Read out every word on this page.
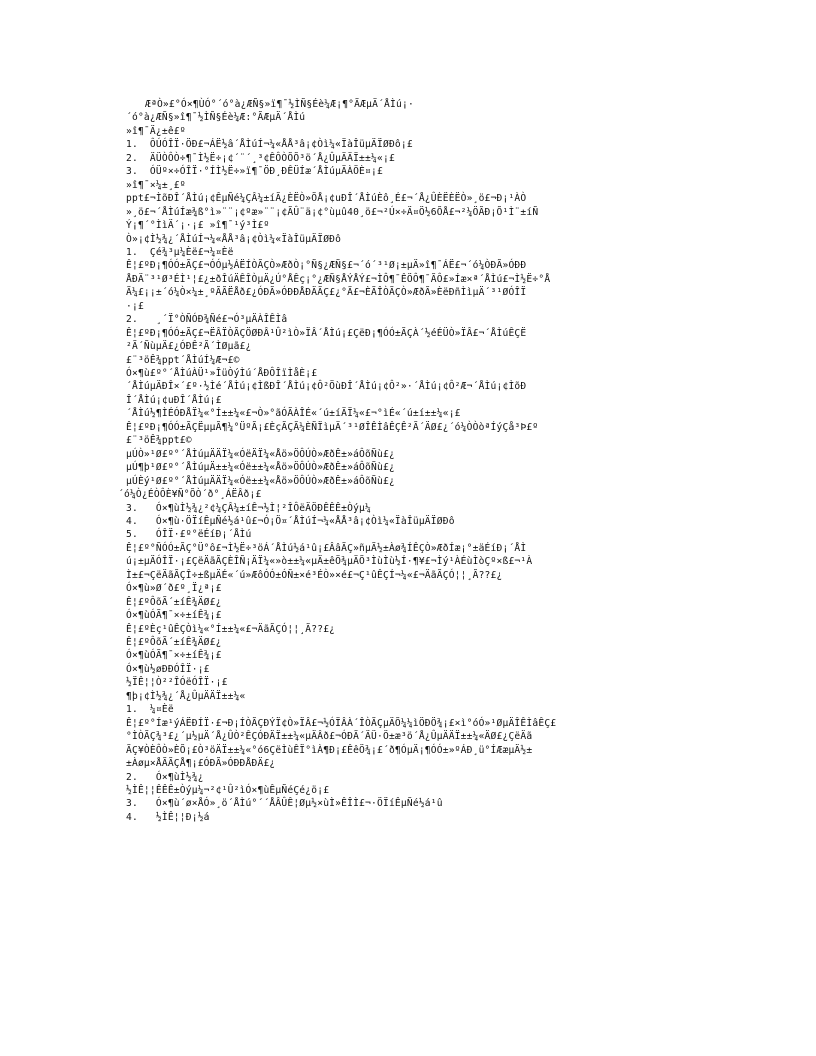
ÆªÒ»£°Ó×¶ÙÓ°´ó°à¿ÆÑ§»ï¶¯½ÌÑ§Éè¼Æ¡¶°ÃÆµÄ´ÅÌú¡·
´ó°à¿ÆÑ§»î¶¯½ÌÑ§Éè¼Æ:°ÃÆµÄ´ÅÌú
»î¶¯Ä¿±ê£º
1.  ÔÚÓÎÏ·ÖÐ£¬ÁË½â´ÅÌúÍ¬¼«ÅÅ³â¡¢Òì¼«ÏàÎüµÄÏØÐô¡£
2.  ÄÜÒÔÒ÷¶¯Ì½Ë÷¡¢´¨´¸³¢ÊÔÒÕÕ³ö´Å¿ÛµÄÄÏ±±¼«¡£
3.  ÓÜº×÷ÓÎÏ·°ÍÌ½Ë÷»ï¶¯ÖÐ¸ÐÊÜÍæ´ÅÌúµÄÀÖÈ¤¡£
»î¶¯×¼±¸£º
ppt£¬ÌõÐÎ´ÅÌú¡¢ÊµÑé¼ÇÂ¼±íÃ¿ÈËÒ»ÕÅ¡¢uÐÎ´ÅÌúÈô¸É£¬´Å¿ÛÈËÈËÒ»¸ö£¬Ð¡¹ÀÒ
»¸ö£¬´ÅÌúÍæ¾ß°ì»¨¨¡¢ºæ»¨¨¡¢ÃÛ¨ä¡¢°ùµû40¸ö£¬²Ú×÷Ä¤Ö½6ÕÅ£¬²¼ÖÃÐ¡Õ¹Ì¨±íÑ
Ý¡¶´°ÌìÄ´¡·¡£ »î¶¯¹ý³Ì£º
Ò»¡¢Ì½¾¿´ÅÌúÍ¬¼«ÅÅ³â¡¢Òì¼«ÏàÎüµÄÏØÐô
1.  Çé¾³µ¼Èë£¬¼¤Èë
Ê¦£ºÐ¡¶ÓÓ±ÃÇ£¬ÓÓµ½ÁËÍÒÃÇÒ»ÆðÒ¡°Ñ§¿ÆÑ§£¬´ó´³¹Ø¡±µÄ»î¶¯ÁË£¬´ó¼ÒÐÃ»ÓÐÐ
ÅÐÄ¨³¹Ø³ÉÌ¹¦£¿±ðÎúÄÊÎÒµÄ¿Ú°ÅÊç¡°¿ÆÑ§ÅÝÅÝ£¬ÌÔ¶¯ÊÖÔ¶¯ÃÔ£»Íæ×ª´ÅÌú£¬Ì½Ë÷°Å
Ã¼£¡¡±´ó¼Ò×¼±¸ºÃÃËÅð£¿ÓÐÃ»ÓÐÐÅÐÄÃÇ£¿°Ã£¬ÈÃÎÒÃÇÒ»ÆðÃ»ÈëÐñÌìµÄ´³¹ØÓÎÏ
·¡£
2.   ¸´Ï°ÒÑÓÐ¾Ñé£¬Ó³µÄÀÎÊÌâ
Ê¦£ºÐ¡¶ÓÓ±ÃÇ£¬ËÂÏÒÃÇÖØÐÂ¹Û²ìÒ»ÏÂ´ÅÌú¡£ÇëÐ¡¶ÓÓ±ÃÇÀ´½éÉÜÒ»ÏÂ£¬´ÅÌúÊÇË
²Ã´ÑùµÄ£¿ÓÐÊ²Ã´ÌØµã£¿
£¨³öÊ¾ppt´ÅÌúÍ¼Æ¬£©
Ó×¶ù£º°´ÅÌúÀÜ¹»ÎüÒýÌú´ÅÐÔÎïÌåÈ¡£
´ÅÌúµÄÐÎ×´£º·½Ìé´ÅÌú¡¢ÌßÐÎ´ÅÌú¡¢Ô²ÖùÐÎ´ÅÌú¡¢Ô²»·´ÅÌú¡¢Ô²Æ¬´ÅÌú¡¢ÌõÐ
Î´ÅÌú¡¢uÐÎ´ÅÌú¡£
´ÅÌú½¶ÌÉÓÐÅÏ¼«°Í±±¼«£¬Ò»°ãÓÃÀÎÉ«´ú±íÄÏ¼«£¬°ìÉ«´ú±í±±¼«¡£
Ê¦£ºÐ¡¶ÓÓ±ÃÇËµµÃ¶¼°ÜºÃ¡£ÈçÃÇÃ¼ÈÑÏìµÄ´³¹ØÎÊÌâÊÇÊ²Ã´ÄØ£¿´ó¼ÒÒòªÍýÇå³Þ£º
£¨³öÊ¾ppt£©
µÚÒ»¹Ø£º°´ÅÌúµÄÄÏ¼«ÓëÄÏ¼«Åö»ÖÔÚÒ»ÆðÊ±»áÔõÑù£¿
µÚ¶þ¹Ø£º°´ÅÌúµÄ±±¼«Óë±±¼«Åö»ÖÔÚÒ»ÆðÊ±»áÔõÑù£¿
µÚÈý¹Ø£º°´ÅÌúµÄÄÏ¼«Óë±±¼«Åö»ÖÔÚÒ»ÆðÊ±»áÔõÑù£¿
´ó¼Ò¿ÉÒÔÈ¥Ñ°ÕÒ´ð°¸ÁËÂð¡£
3.   Ó×¶ùÌ½¾¿²¢¼ÇÂ¼±íÊ¬½Ì¦²ÎÔëÄÖÐÊÊÊ±Òýµ¼
4.   Ó×¶ù·ÖÏíÊµÑé½á¹û£¬Ó¡Ö¤´ÅÌúÍ¬¼«ÅÅ³â¡¢Òì¼«ÏàÎüµÄÏØÐô
5.   ÓÎÏ·£º°ëÉíÐ¡´ÅÌú
Ê¦£º°ÑÓÓ±ÃÇ°Ü°ô£¬Ì½Ë÷³öÁ´ÅÌú½á¹û¡£ÂâÃÇ»ñµÃ½±Àø¾ÍÊÇÒ»ÆðÍæ¡°±äÉíÐ¡´ÅÌ
ú¡±µÄÓÎÏ·¡£ÇëÄãÃÇÈÎÑ¡ÄÏ¼«»ò±±¼«µÄ±êÖ¾µÄÕ³ÌùÌù½Í·¶¥£¬Ìý¹ÀÉùÌòÇº×ß£¬¹À
Ì±£¬ÇëÄãÃÇÎ÷±ßµÄÉ«´ú»ÆôÓÓ±ÓÑ±×é³ÉÒ»×é£¬Ç¹ûÊÇÍ¬¼«£¬ÄãÃÇÓ¦¦¸Ã??£¿
Ó×¶ù»Ø´ð£º¸Ï¿ª¡£
Ê¦£ºÔõÃ´±íÊ¾ÄØ£¿
Ó×¶ùÓÃ¶¯×÷±íÊ¾¡£
Ê¦£ºÈç¹ûÊÇÒì¼«°Í±±¼«£¬ÄãÃÇÓ¦¦¸Ã??£¿
Ê¦£ºÔõÃ´±íÊ¾ÄØ£¿
Ó×¶ùÓÃ¶¯×÷±íÊ¾¡£
Ó×¶ù½øÐÐÓÎÏ·¡£
½ÏÊ¦¦Ò²²ÎÓëÓÎÏ·¡£
¶þ¡¢Ì½¾¿´Å¿ÛµÄÄÏ±±¼«
1.  ¼¤Èë
Ê¦£º°Íæ¹ýÁËÐÍÏ·£¬Ð¡ÍÒÃÇÐÝÏ¢Ò»ÏÂ£¬½ÓÏÂÀ´ÎÒÃÇµÄÕ¼¼ìÖÐÖ¾¡£×ì°óÓ»¹ØµÄÎÊÌâÊÇ£
°ÌÒÃÇ¾³£¿´µ½µÄ´Å¿ÛÒ²ÊÇÓÐÄÏ±±¼«µÄÂð£¬ÓÐÃ´ÄÜ·Ö±æ³ö´Å¿ÛµÄÄÏ±±¼«ÄØ£¿ÇëÄã
ÃÇ¥ÒÈÔÒ»ÈÕ¡£Ò³öÄÏ±±¼«°ó6ÇëÌùÊÏ°ìÀ¶Ð¡£ÊêÖ¾¡£´ð¶ÓµÄ¡¶ÓÓ±»ºÁÐ¸ü°ÍÆæµÄ½±
±Àøµ×ÅÃÃÇÅ¶¡£ÓÐÃ»ÓÐÐÅÐÄ£¿
2.   Ó×¶ùÌ½¾¿
½ÌÊ¦¦ÊÊÊ±Òýµ¼¬²¢¹Û²ìÓ×¶ùÊµÑéÇé¿ö¡£
3.   Ó×¶ù´ø×ÅÓ»¸ö´ÅÌú°´´ÅÂÛÊ¦Øµ½×ùÌ»ÊÎÌ£¬·ÖÏíÊµÑé½á¹û
4.   ½ÌÊ¦¦Ð¡½á
